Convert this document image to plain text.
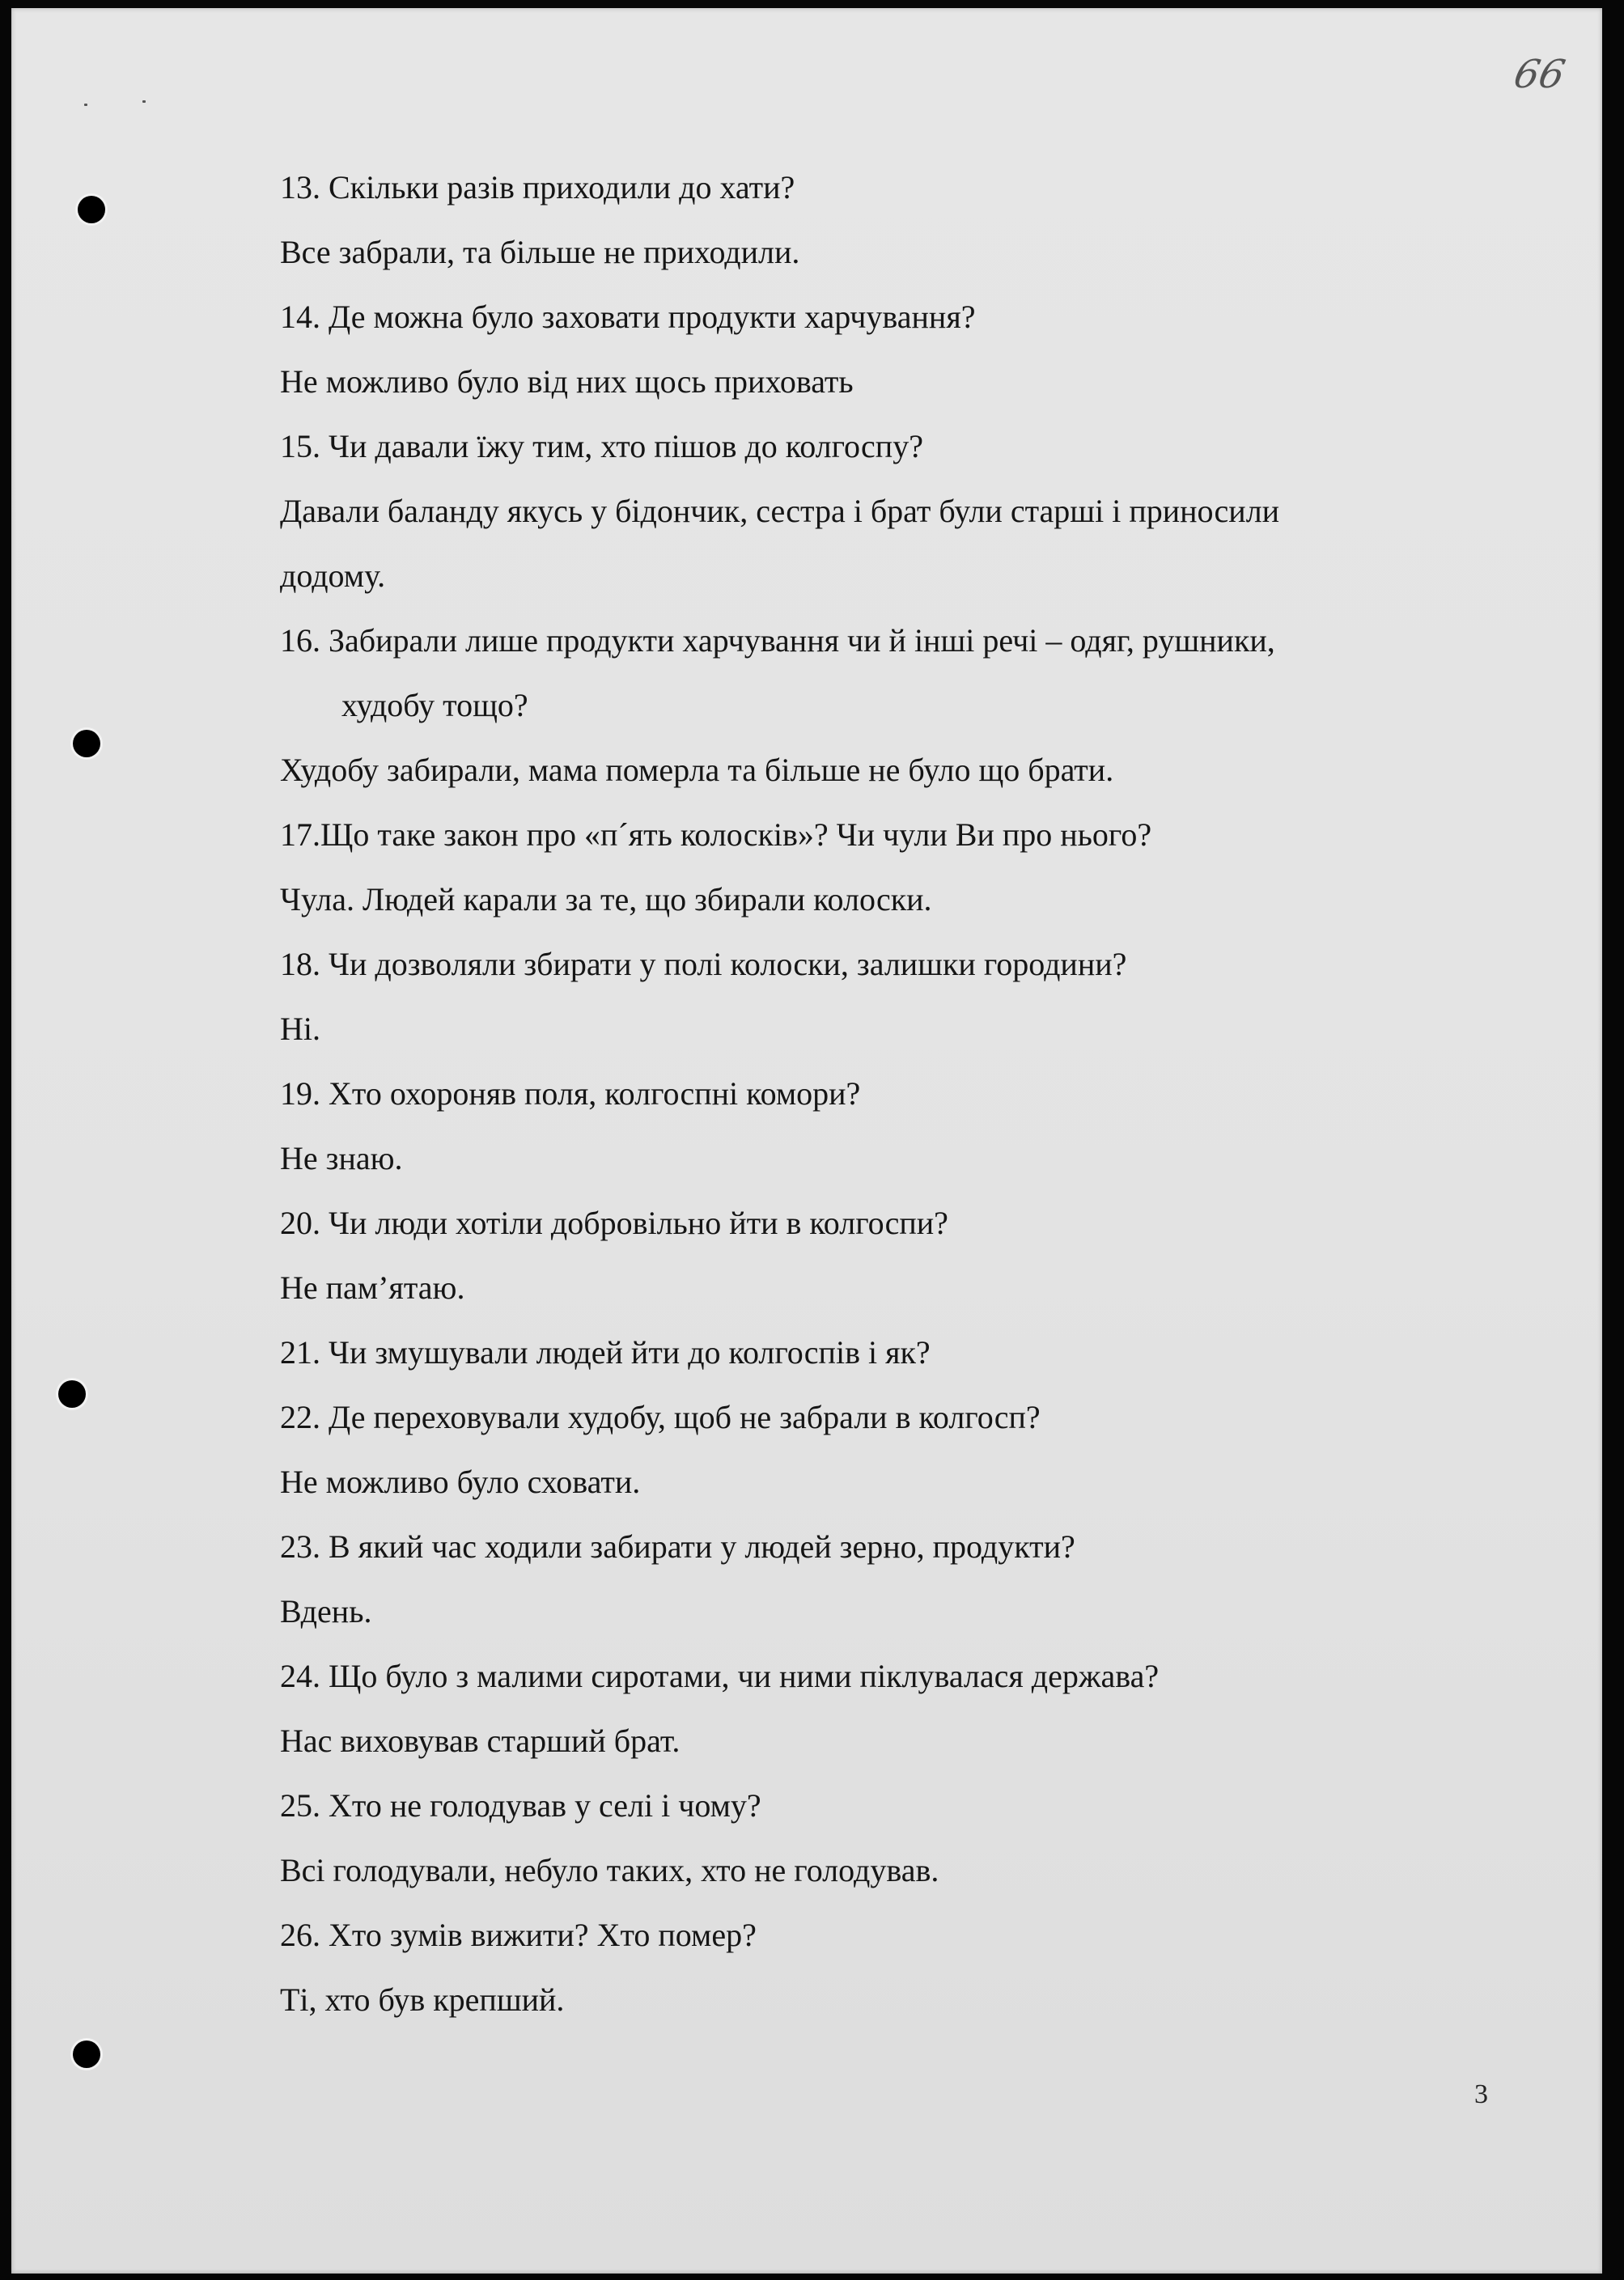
66
13. Скільки разів приходили до хати?
Все забрали, та більше не приходили.
14. Де можна було заховати продукти харчування?
Не можливо було від них щось приховать
15. Чи давали їжу тим, хто пішов до колгоспу?
Давали баланду якусь у бідончик, сестра і брат були старші і приносили
додому.
16. Забирали лише продукти харчування чи й інші речі – одяг, рушники,
худобу тощо?
Худобу забирали, мама померла та більше не було що брати.
17.Що таке закон про «п´ять колосків»? Чи чули Ви про нього?
Чула. Людей карали за те, що збирали колоски.
18. Чи дозволяли збирати у полі колоски, залишки городини?
Ні.
19. Хто охороняв поля, колгоспні комори?
Не знаю.
20. Чи люди хотіли добровільно йти в колгоспи?
Не пам’ятаю.
21. Чи змушували людей йти до колгоспів і як?
22. Де переховували худобу, щоб не забрали в колгосп?
Не можливо було сховати.
23. В який час ходили забирати у людей зерно, продукти?
Вдень.
24. Що було з малими сиротами, чи ними піклувалася держава?
Нас виховував старший брат.
25. Хто не голодував у селі і чому?
Всі голодували, небуло таких, хто не голодував.
26. Хто зумів вижити? Хто помер?
Ті, хто був крепший.
3
